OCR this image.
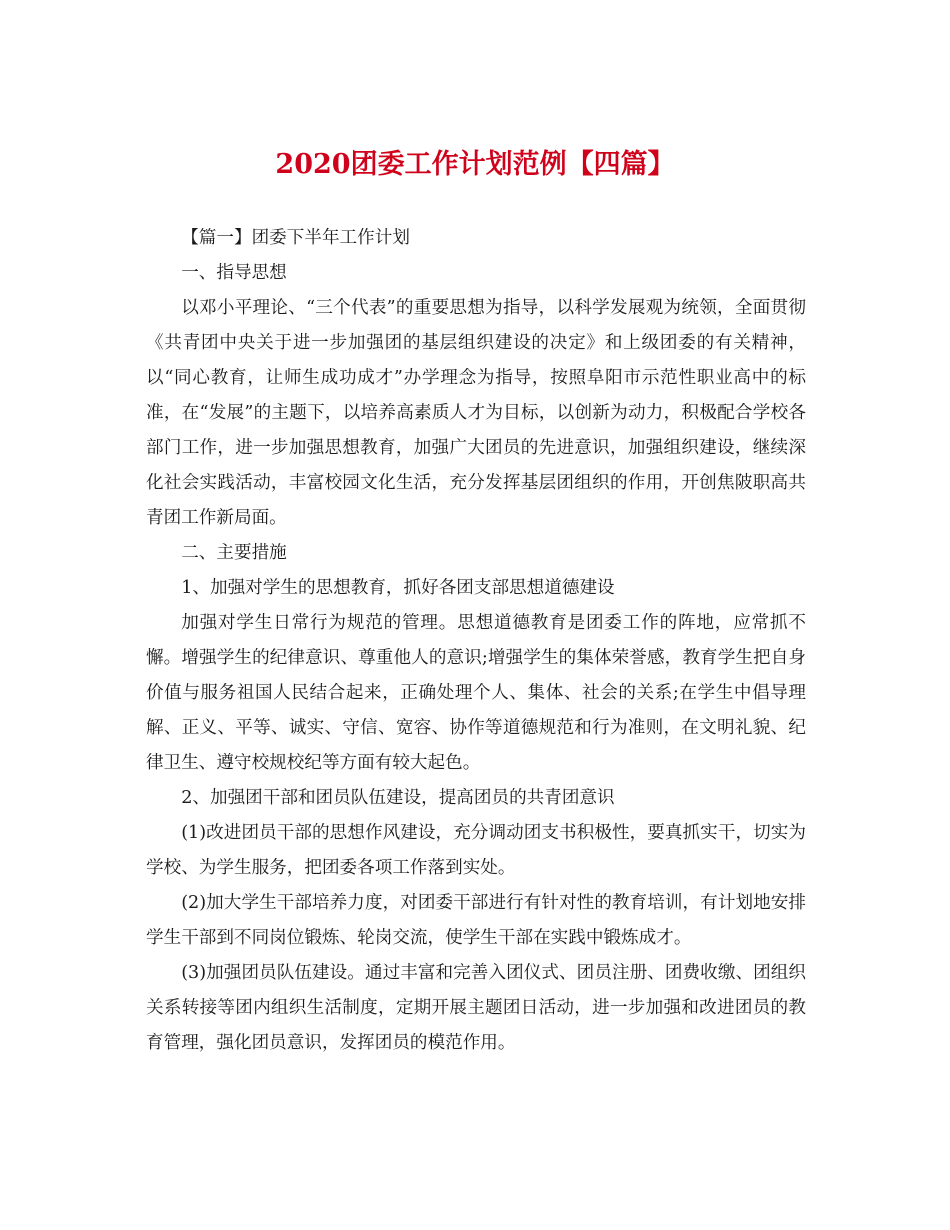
2020团委工作计划范例【四篇】

【篇一】团委下半年工作计划

一、指导思想

以邓小平理论、“三个代表”的重要思想为指导，以科学发展观为统领，全面贯彻《共青团中央关于进一步加强团的基层组织建设的决定》和上级团委的有关精神，以“同心教育，让师生成功成才”办学理念为指导，按照阜阳市示范性职业高中的标准，在“发展”的主题下，以培养高素质人才为目标，以创新为动力，积极配合学校各部门工作，进一步加强思想教育，加强广大团员的先进意识，加强组织建设，继续深化社会实践活动，丰富校园文化生活，充分发挥基层团组织的作用，开创焦陂职高共青团工作新局面。

二、主要措施

1、加强对学生的思想教育，抓好各团支部思想道德建设

加强对学生日常行为规范的管理。思想道德教育是团委工作的阵地，应常抓不懈。增强学生的纪律意识、尊重他人的意识;增强学生的集体荣誉感，教育学生把自身价值与服务祖国人民结合起来，正确处理个人、集体、社会的关系;在学生中倡导理解、正义、平等、诚实、守信、宽容、协作等道德规范和行为准则，在文明礼貌、纪律卫生、遵守校规校纪等方面有较大起色。

2、加强团干部和团员队伍建设，提高团员的共青团意识

(1)改进团员干部的思想作风建设，充分调动团支书积极性，要真抓实干，切实为学校、为学生服务，把团委各项工作落到实处。

(2)加大学生干部培养力度，对团委干部进行有针对性的教育培训，有计划地安排学生干部到不同岗位锻炼、轮岗交流，使学生干部在实践中锻炼成才。

(3)加强团员队伍建设。通过丰富和完善入团仪式、团员注册、团费收缴、团组织关系转接等团内组织生活制度，定期开展主题团日活动，进一步加强和改进团员的教育管理，强化团员意识，发挥团员的模范作用。
